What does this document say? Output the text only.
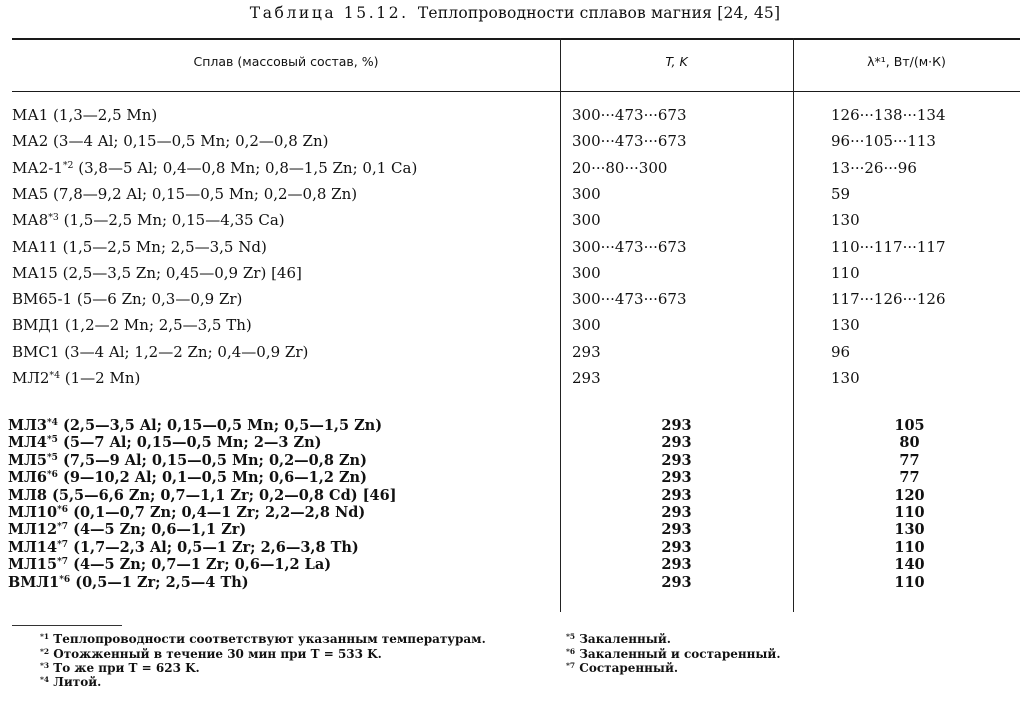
Таблица 15.12. Теплопроводности сплавов магния [24, 45]
Сплав (массовый состав, %)	T, K	λ*¹, Вт/(м·К)
МА1 (1,3—2,5 Mn)	300···473···673	126···138···134
МА2 (3—4 Al; 0,15—0,5 Mn; 0,2—0,8 Zn)	300···473···673	96···105···113
МА2-1$^{*2}$ (3,8—5 Al; 0,4—0,8 Mn; 0,8—1,5 Zn; 0,1 Ca)	20···80···300	13···26···96
МА5 (7,8—9,2 Al; 0,15—0,5 Mn; 0,2—0,8 Zn)	300	59
МА8$^{*3}$ (1,5—2,5 Mn; 0,15—4,35 Ca)	300	130
МА11 (1,5—2,5 Mn; 2,5—3,5 Nd)	300···473···673	110···117···117
МА15 (2,5—3,5 Zn; 0,45—0,9 Zr) [46]	300	110
ВМ65-1 (5—6 Zn; 0,3—0,9 Zr)	300···473···673	117···126···126
ВМД1 (1,2—2 Mn; 2,5—3,5 Th)	300	130
ВМС1 (3—4 Al; 1,2—2 Zn; 0,4—0,9 Zr)	293	96
МЛ2$^{*4}$ (1—2 Mn)	293	130
МЛ3$^{*4}$ (2,5—3,5 Al; 0,15—0,5 Mn; 0,5—1,5 Zn)	293	105
МЛ4$^{*5}$ (5—7 Al; 0,15—0,5 Mn; 2—3 Zn)	293	80
МЛ5$^{*5}$ (7,5—9 Al; 0,15—0,5 Mn; 0,2—0,8 Zn)	293	77
МЛ6$^{*6}$ (9—10,2 Al; 0,1—0,5 Mn; 0,6—1,2 Zn)	293	77
МЛ8 (5,5—6,6 Zn; 0,7—1,1 Zr; 0,2—0,8 Cd) [46]	293	120
МЛ10$^{*6}$ (0,1—0,7 Zn; 0,4—1 Zr; 2,2—2,8 Nd)	293	110
МЛ12$^{*7}$ (4—5 Zn; 0,6—1,1 Zr)	293	130
МЛ14$^{*7}$ (1,7—2,3 Al; 0,5—1 Zr; 2,6—3,8 Th)	293	110
МЛ15$^{*7}$ (4—5 Zn; 0,7—1 Zr; 0,6—1,2 La)	293	140
ВМЛ1$^{*6}$ (0,5—1 Zr; 2,5—4 Th)	293	110
$^{*1}$ Теплопроводности соответствуют указанным температурам.
$^{*2}$ Отожженный в течение 30 мин при T = 533 K.
$^{*3}$ То же при T = 623 K.
$^{*4}$ Литой.
$^{*5}$ Закаленный.
$^{*6}$ Закаленный и состаренный.
$^{*7}$ Состаренный.
